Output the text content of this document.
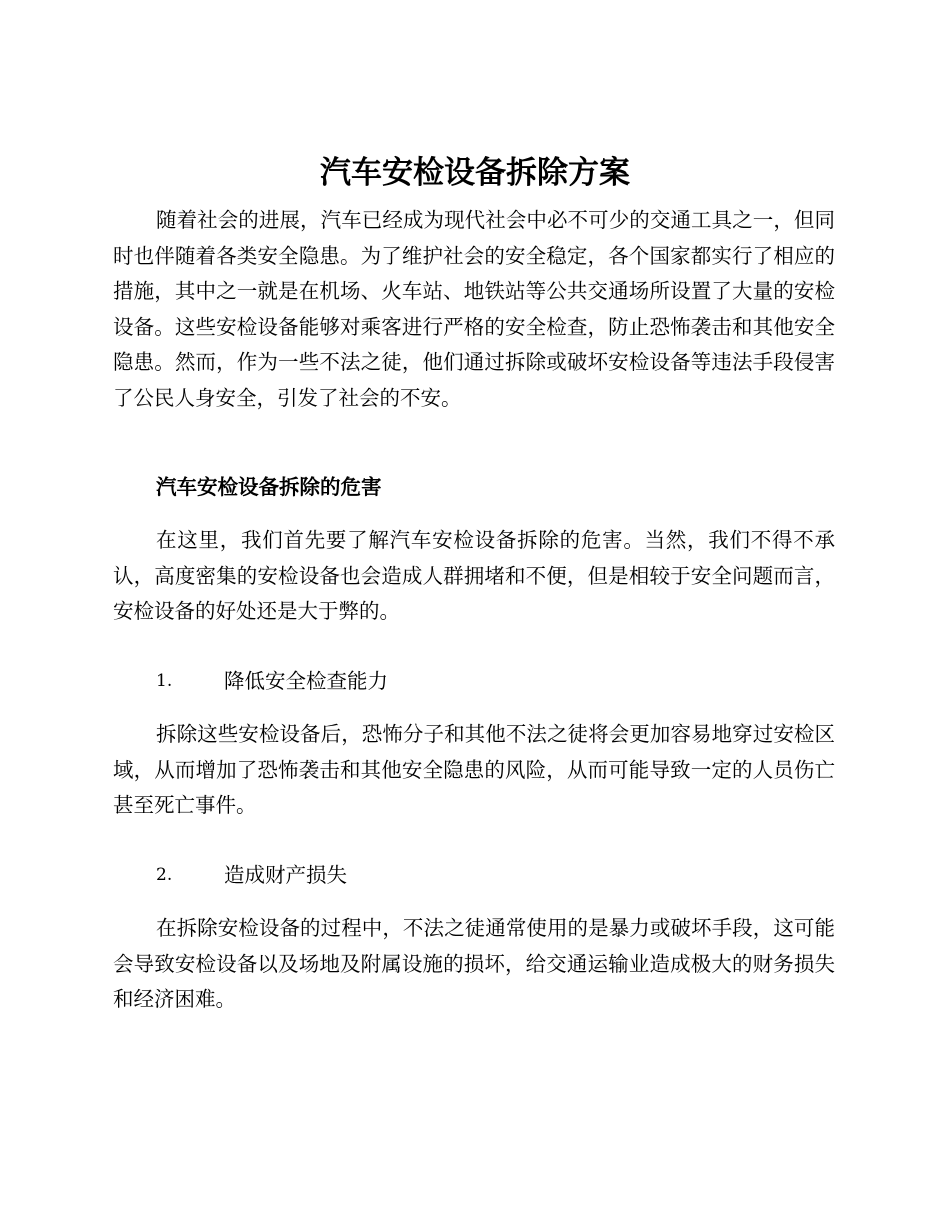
汽车安检设备拆除方案

随着社会的进展，汽车已经成为现代社会中必不可少的交通工具之一，但同时也伴随着各类安全隐患。为了维护社会的安全稳定，各个国家都实行了相应的措施，其中之一就是在机场、火车站、地铁站等公共交通场所设置了大量的安检设备。这些安检设备能够对乘客进行严格的安全检查，防止恐怖袭击和其他安全隐患。然而，作为一些不法之徒，他们通过拆除或破坏安检设备等违法手段侵害了公民人身安全，引发了社会的不安。

汽车安检设备拆除的危害

在这里，我们首先要了解汽车安检设备拆除的危害。当然，我们不得不承认，高度密集的安检设备也会造成人群拥堵和不便，但是相较于安全问题而言，安检设备的好处还是大于弊的。

1.	降低安全检查能力

拆除这些安检设备后，恐怖分子和其他不法之徒将会更加容易地穿过安检区域，从而增加了恐怖袭击和其他安全隐患的风险，从而可能导致一定的人员伤亡甚至死亡事件。

2.	造成财产损失

在拆除安检设备的过程中，不法之徒通常使用的是暴力或破坏手段，这可能会导致安检设备以及场地及附属设施的损坏，给交通运输业造成极大的财务损失和经济困难。
